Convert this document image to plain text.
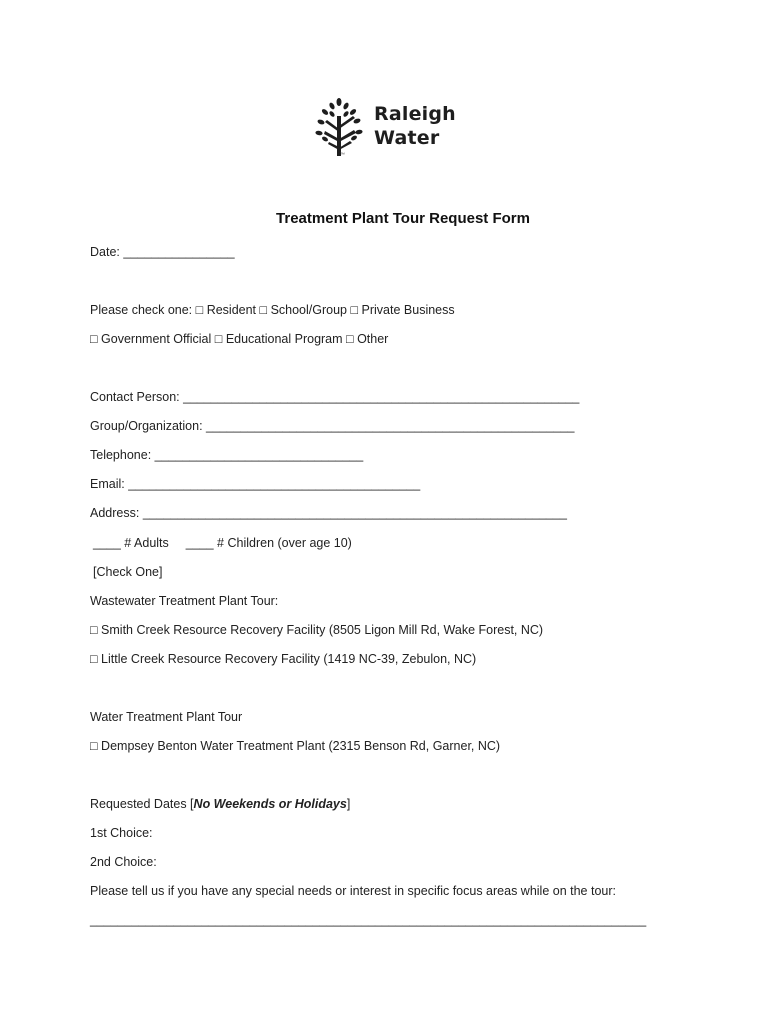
Raleigh
Water
™
Treatment Plant Tour Request Form
Date: ________________
Please check one: □ Resident □ School/Group □ Private Business
□ Government Official □ Educational Program □ Other
Contact Person: _________________________________________________________
Group/Organization: _____________________________________________________
Telephone: ______________________________
Email: __________________________________________
Address: _____________________________________________________________
____ # Adults ____ # Children (over age 10)
[Check One]
Wastewater Treatment Plant Tour:
□ Smith Creek Resource Recovery Facility (8505 Ligon Mill Rd, Wake Forest, NC)
□ Little Creek Resource Recovery Facility (1419 NC-39, Zebulon, NC)
Water Treatment Plant Tour
□ Dempsey Benton Water Treatment Plant (2315 Benson Rd, Garner, NC)
Requested Dates [No Weekends or Holidays]
1st Choice:
2nd Choice:
Please tell us if you have any special needs or interest in specific focus areas while on the tour:
________________________________________________________________________________
